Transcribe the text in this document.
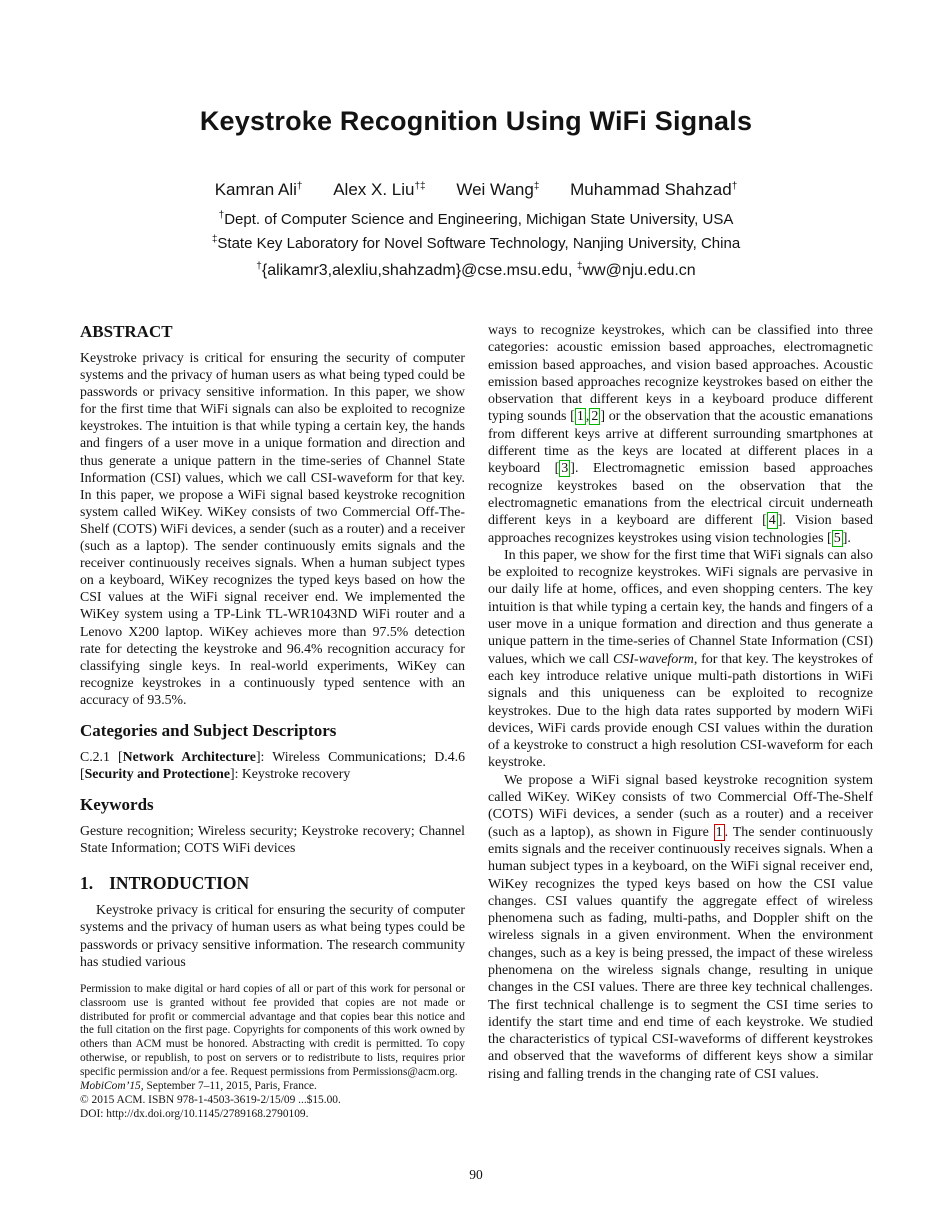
Keystroke Recognition Using WiFi Signals
Kamran Ali† Alex X. Liu†‡ Wei Wang‡ Muhammad Shahzad†
†Dept. of Computer Science and Engineering, Michigan State University, USA
‡State Key Laboratory for Novel Software Technology, Nanjing University, China
†{alikamr3,alexliu,shahzadm}@cse.msu.edu, ‡ww@nju.edu.cn
ABSTRACT

Keystroke privacy is critical for ensuring the security of computer systems and the privacy of human users as what being typed could be passwords or privacy sensitive information. In this paper, we show for the first time that WiFi signals can also be exploited to recognize keystrokes. The intuition is that while typing a certain key, the hands and fingers of a user move in a unique formation and direction and thus generate a unique pattern in the time-series of Channel State Information (CSI) values, which we call CSI-waveform for that key. In this paper, we propose a WiFi signal based keystroke recognition system called WiKey. WiKey consists of two Commercial Off-The-Shelf (COTS) WiFi devices, a sender (such as a router) and a receiver (such as a laptop). The sender continuously emits signals and the receiver continuously receives signals. When a human subject types on a keyboard, WiKey recognizes the typed keys based on how the CSI values at the WiFi signal receiver end. We implemented the WiKey system using a TP-Link TL-WR1043ND WiFi router and a Lenovo X200 laptop. WiKey achieves more than 97.5% detection rate for detecting the keystroke and 96.4% recognition accuracy for classifying single keys. In real-world experiments, WiKey can recognize keystrokes in a continuously typed sentence with an accuracy of 93.5%.

Categories and Subject Descriptors

C.2.1 [Network Architecture]: Wireless Communications; D.4.6 [Security and Protectione]: Keystroke recovery

Keywords

Gesture recognition; Wireless security; Keystroke recovery; Channel State Information; COTS WiFi devices

1. INTRODUCTION

Keystroke privacy is critical for ensuring the security of computer systems and the privacy of human users as what being types could be passwords or privacy sensitive information. The research community has studied various

Permission to make digital or hard copies of all or part of this work for personal or classroom use is granted without fee provided that copies are not made or distributed for profit or commercial advantage and that copies bear this notice and the full citation on the first page. Copyrights for components of this work owned by others than ACM must be honored. Abstracting with credit is permitted. To copy otherwise, or republish, to post on servers or to redistribute to lists, requires prior specific permission and/or a fee. Request permissions from Permissions@acm.org.

MobiCom’15, September 7–11, 2015, Paris, France.

© 2015 ACM. ISBN 978-1-4503-3619-2/15/09 ...$15.00.

DOI: http://dx.doi.org/10.1145/2789168.2790109.

ways to recognize keystrokes, which can be classified into three categories: acoustic emission based approaches, electromagnetic emission based approaches, and vision based approaches. Acoustic emission based approaches recognize keystrokes based on either the observation that different keys in a keyboard produce different typing sounds [ 1 , 2 ] or the observation that the acoustic emanations from different keys arrive at different surrounding smartphones at different time as the keys are located at different places in a keyboard [ 3 ]. Electromagnetic emission based approaches recognize keystrokes based on the observation that the electromagnetic emanations from the electrical circuit underneath different keys in a keyboard are different [ 4 ]. Vision based approaches recognizes keystrokes using vision technologies [ 5 ].

In this paper, we show for the first time that WiFi signals can also be exploited to recognize keystrokes. WiFi signals are pervasive in our daily life at home, offices, and even shopping centers. The key intuition is that while typing a certain key, the hands and fingers of a user move in a unique formation and direction and thus generate a unique pattern in the time-series of Channel State Information (CSI) values, which we call CSI-waveform, for that key. The keystrokes of each key introduce relative unique multi-path distortions in WiFi signals and this uniqueness can be exploited to recognize keystrokes. Due to the high data rates supported by modern WiFi devices, WiFi cards provide enough CSI values within the duration of a keystroke to construct a high resolution CSI-waveform for each keystroke.

We propose a WiFi signal based keystroke recognition system called WiKey. WiKey consists of two Commercial Off-The-Shelf (COTS) WiFi devices, a sender (such as a router) and a receiver (such as a laptop), as shown in Figure 1 . The sender continuously emits signals and the receiver continuously receives signals. When a human subject types in a keyboard, on the WiFi signal receiver end, WiKey recognizes the typed keys based on how the CSI value changes. CSI values quantify the aggregate effect of wireless phenomena such as fading, multi-paths, and Doppler shift on the wireless signals in a given environment. When the environment changes, such as a key is being pressed, the impact of these wireless phenomena on the wireless signals change, resulting in unique changes in the CSI values. There are three key technical challenges. The first technical challenge is to segment the CSI time series to identify the start time and end time of each keystroke. We studied the characteristics of typical CSI-waveforms of different keystrokes and observed that the waveforms of different keys show a similar rising and falling trends in the changing rate of CSI values.

90
